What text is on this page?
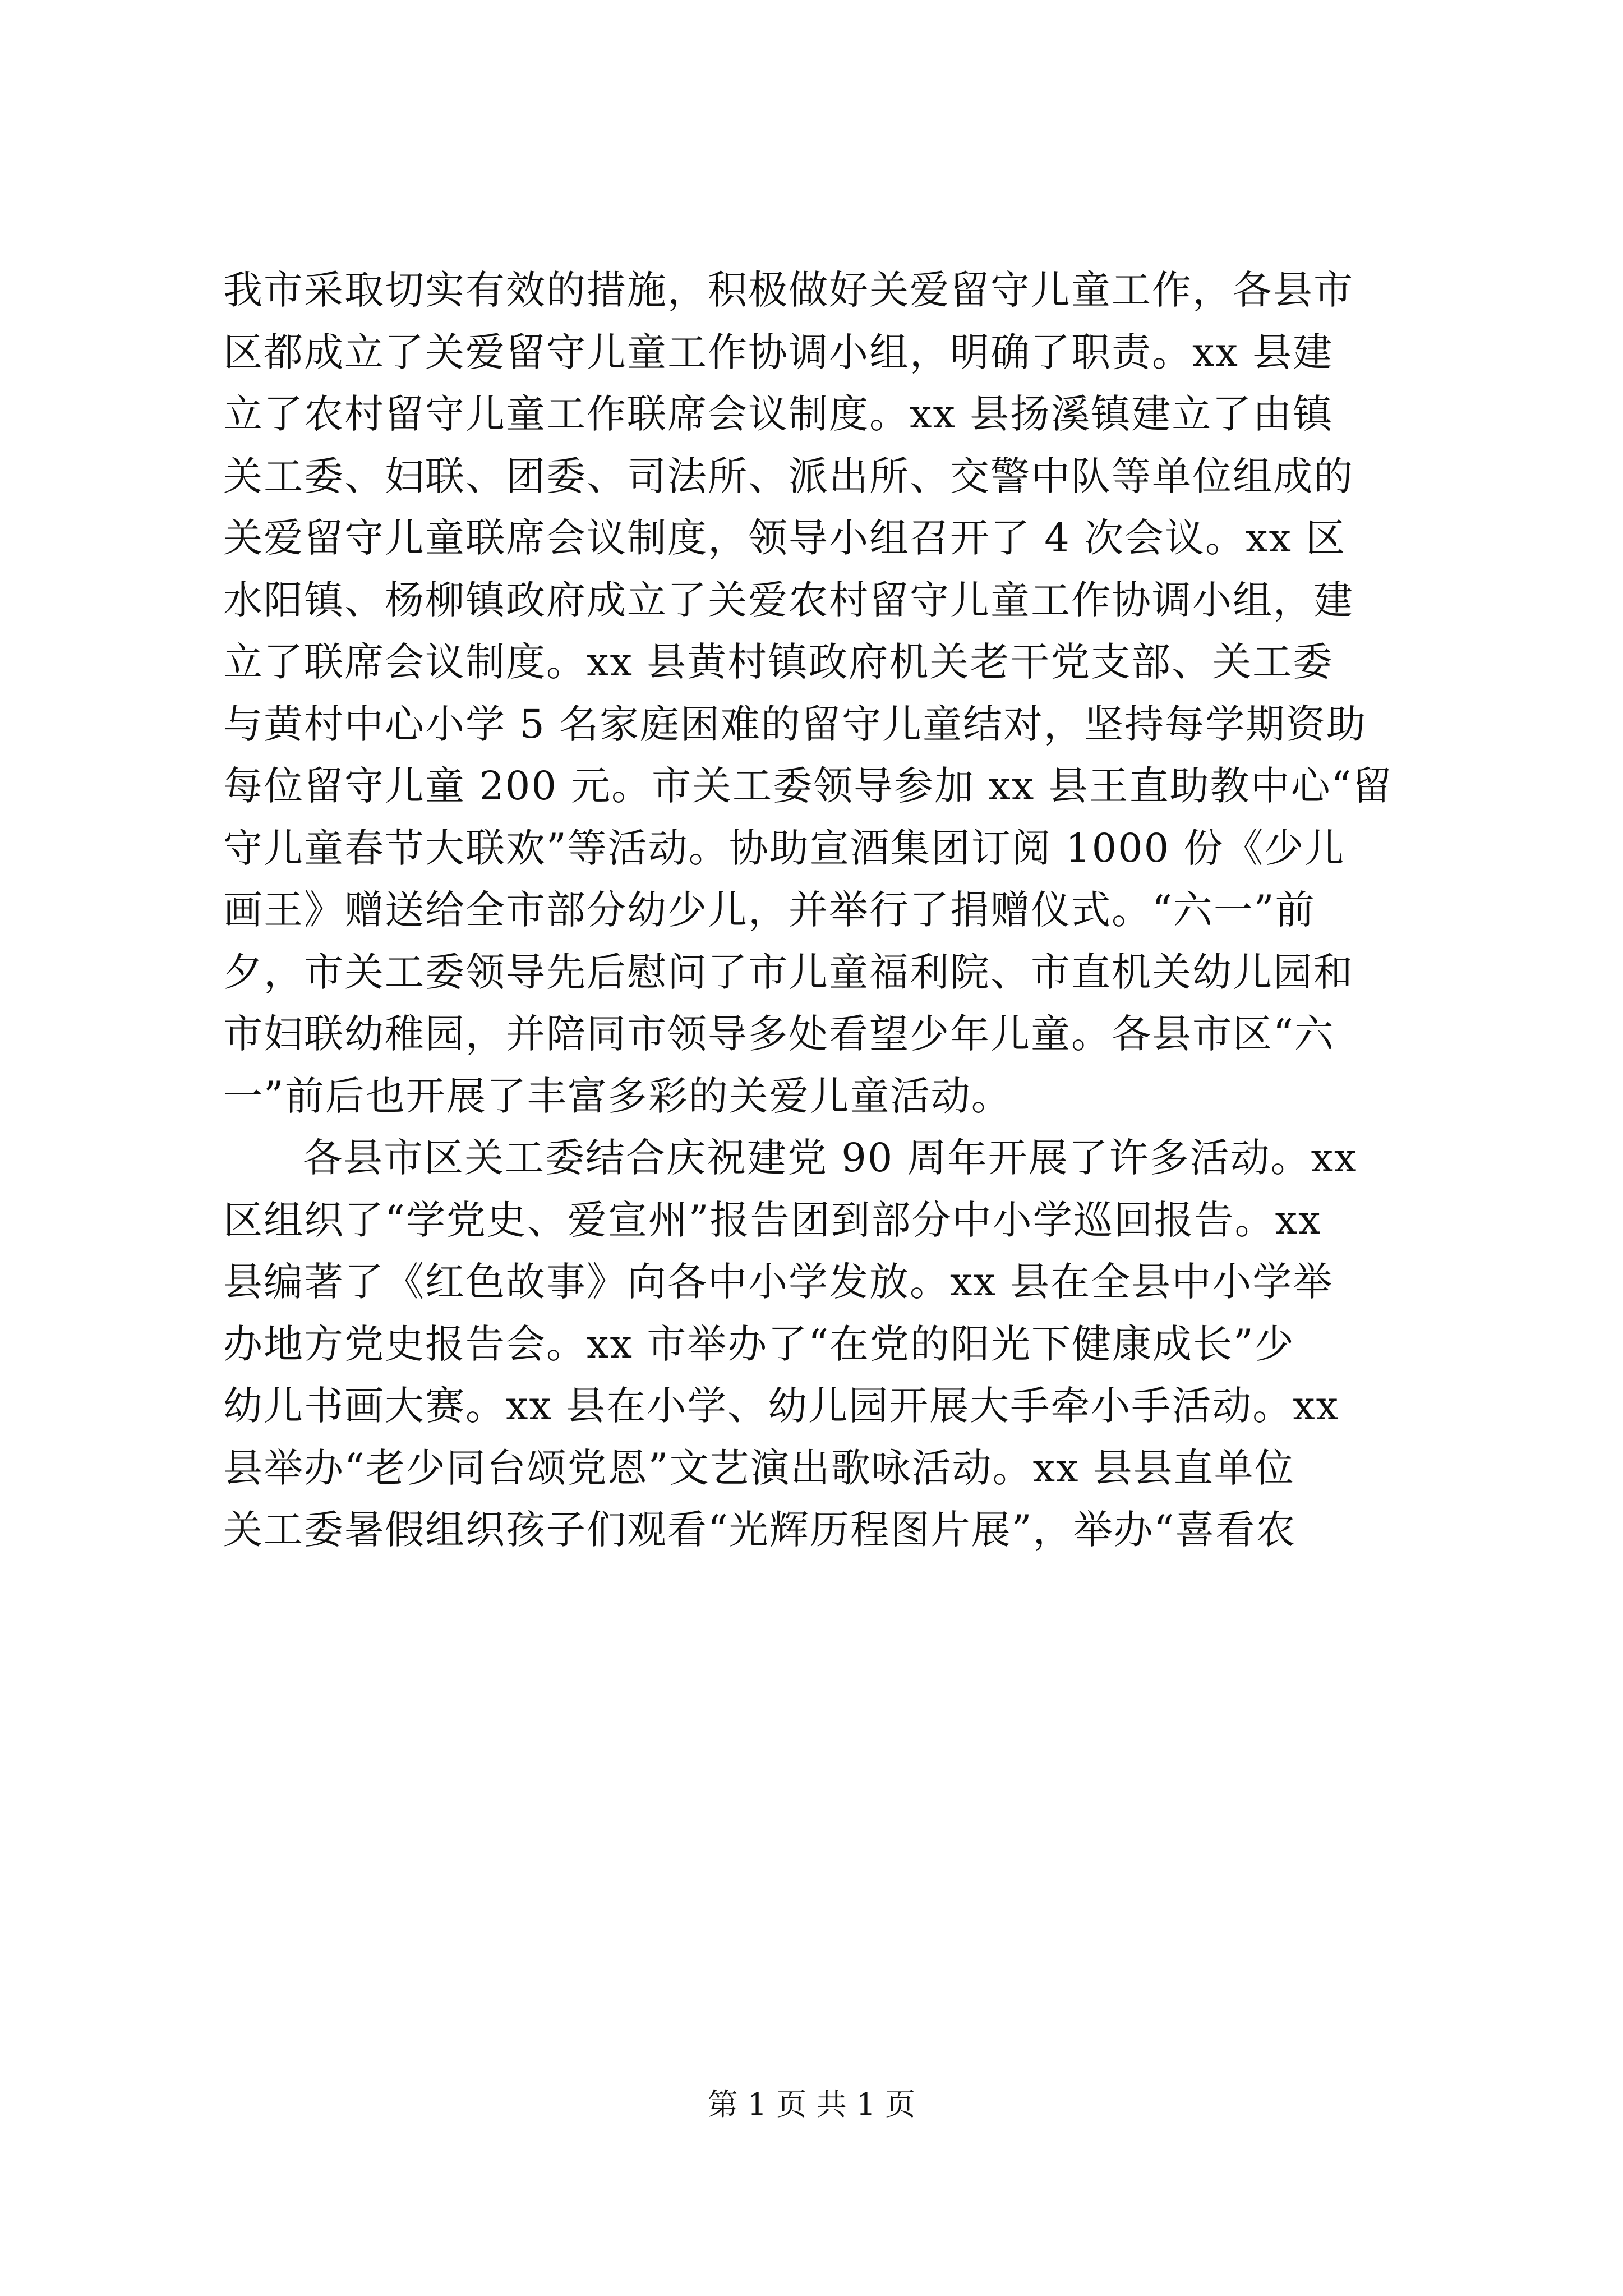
我市采取切实有效的措施，积极做好关爱留守儿童工作，各县市
区都成立了关爱留守儿童工作协调小组，明确了职责。xx 县建
立了农村留守儿童工作联席会议制度。xx 县扬溪镇建立了由镇
关工委、妇联、团委、司法所、派出所、交警中队等单位组成的
关爱留守儿童联席会议制度，领导小组召开了 4 次会议。xx 区
水阳镇、杨柳镇政府成立了关爱农村留守儿童工作协调小组，建
立了联席会议制度。xx 县黄村镇政府机关老干党支部、关工委
与黄村中心小学 5 名家庭困难的留守儿童结对，坚持每学期资助
每位留守儿童 200 元。市关工委领导参加 xx 县王直助教中心“留
守儿童春节大联欢”等活动。协助宣酒集团订阅 1000 份《少儿
画王》赠送给全市部分幼少儿，并举行了捐赠仪式。“六一”前
夕，市关工委领导先后慰问了市儿童福利院、市直机关幼儿园和
市妇联幼稚园，并陪同市领导多处看望少年儿童。各县市区“六
一”前后也开展了丰富多彩的关爱儿童活动。
各县市区关工委结合庆祝建党 90 周年开展了许多活动。xx
区组织了“学党史、爱宣州”报告团到部分中小学巡回报告。xx
县编著了《红色故事》向各中小学发放。xx 县在全县中小学举
办地方党史报告会。xx 市举办了“在党的阳光下健康成长”少
幼儿书画大赛。xx 县在小学、幼儿园开展大手牵小手活动。xx
县举办“老少同台颂党恩”文艺演出歌咏活动。xx 县县直单位
关工委暑假组织孩子们观看“光辉历程图片展”，举办“喜看农
第 1 页 共 1 页
